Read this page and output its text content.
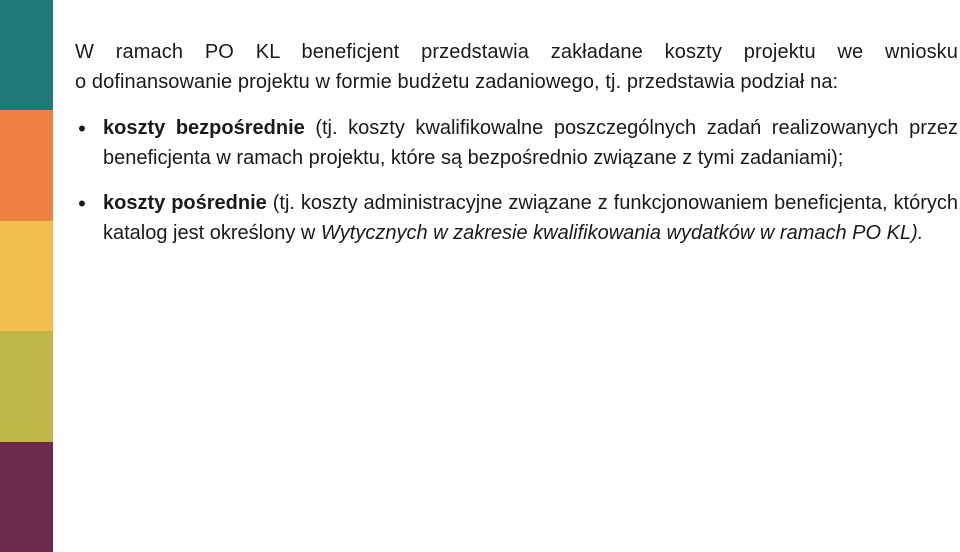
W ramach PO KL beneficjent przedstawia zakładane koszty projektu we wniosku
o dofinansowanie projektu w formie budżetu zadaniowego, tj. przedstawia podział na:

• koszty bezpośrednie (tj. koszty kwalifikowalne poszczególnych zadań realizowanych przez beneficjenta w ramach projektu, które są bezpośrednio związane z tymi zadaniami);
• koszty pośrednie (tj. koszty administracyjne związane z funkcjonowaniem beneficjenta, których katalog jest określony w Wytycznych w zakresie kwalifikowania wydatków w ramach PO KL).
